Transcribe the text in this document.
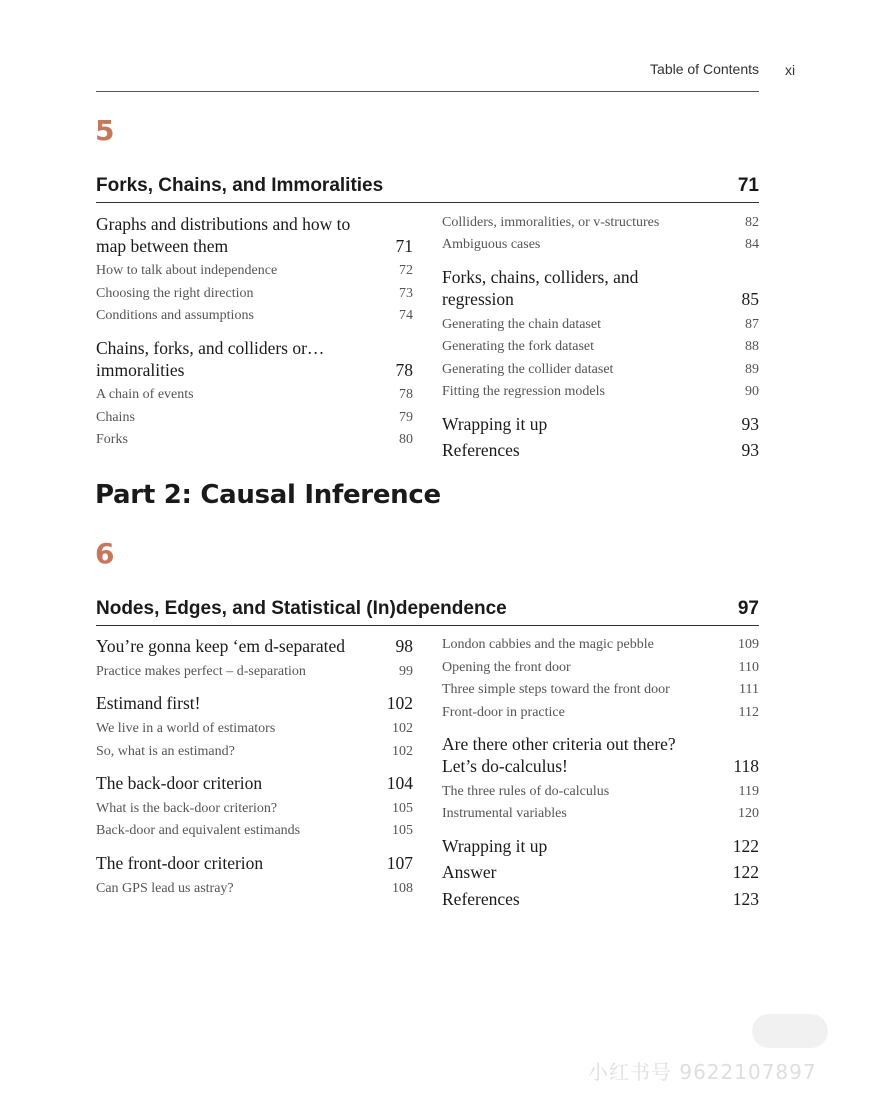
Table of Contents xi
5
Forks, Chains, and Immoralities	71
Graphs and distributions and how to map between them	71
How to talk about independence	72
Choosing the right direction	73
Conditions and assumptions	74
Chains, forks, and colliders or… immoralities	78
A chain of events	78
Chains	79
Forks	80
Colliders, immoralities, or v-structures	82
Ambiguous cases	84
Forks, chains, colliders, and regression	85
Generating the chain dataset	87
Generating the fork dataset	88
Generating the collider dataset	89
Fitting the regression models	90
Wrapping it up	93
References	93
Part 2: Causal Inference
6
Nodes, Edges, and Statistical (In)dependence	97
You’re gonna keep ‘em d-separated	98
Practice makes perfect – d-separation	99
Estimand first!	102
We live in a world of estimators	102
So, what is an estimand?	102
The back-door criterion	104
What is the back-door criterion?	105
Back-door and equivalent estimands	105
The front-door criterion	107
Can GPS lead us astray?	108
London cabbies and the magic pebble	109
Opening the front door	110
Three simple steps toward the front door	111
Front-door in practice	112
Are there other criteria out there? Let’s do-calculus!	118
The three rules of do-calculus	119
Instrumental variables	120
Wrapping it up	122
Answer	122
References	123
小红书号 9622107897
